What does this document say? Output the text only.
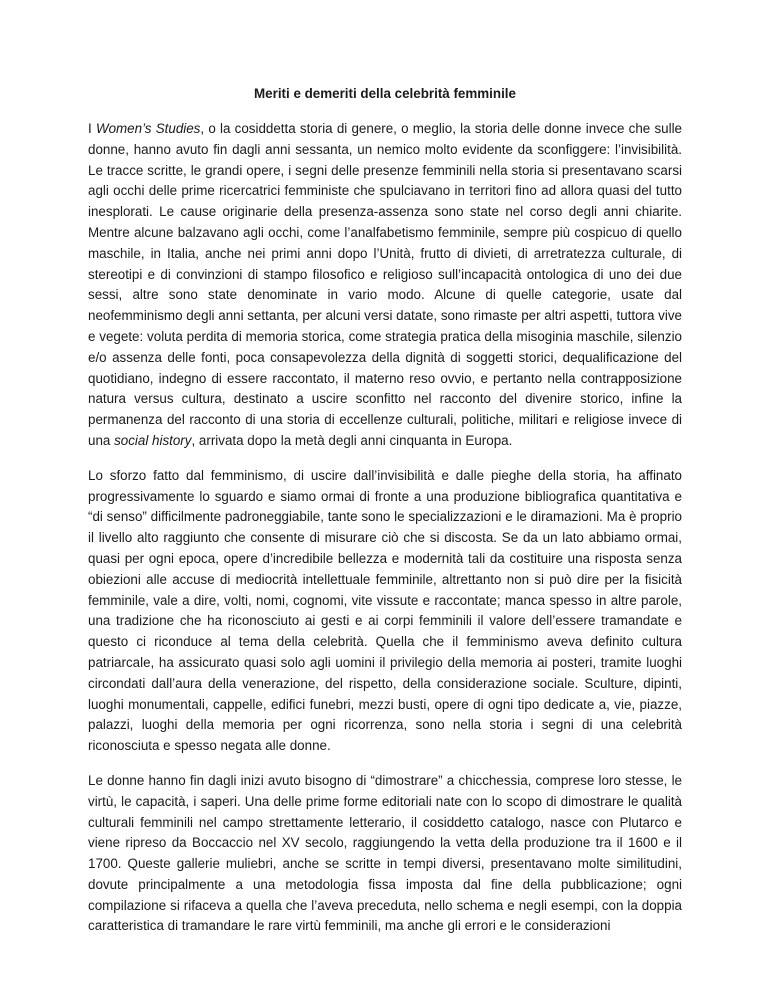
Meriti e demeriti della celebrità femminile

I Women’s Studies, o la cosiddetta storia di genere, o meglio, la storia delle donne invece che sulle donne, hanno avuto fin dagli anni sessanta, un nemico molto evidente da sconfiggere: l’invisibilità. Le tracce scritte, le grandi opere, i segni delle presenze femminili nella storia si presentavano scarsi agli occhi delle prime ricercatrici femministe che spulciavano in territori fino ad allora quasi del tutto inesplorati. Le cause originarie della presenza-assenza sono state nel corso degli anni chiarite. Mentre alcune balzavano agli occhi, come l’analfabetismo femminile, sempre più cospicuo di quello maschile, in Italia, anche nei primi anni dopo l’Unità, frutto di divieti, di arretratezza culturale, di stereotipi e di convinzioni di stampo filosofico e religioso sull’incapacità ontologica di uno dei due sessi, altre sono state denominate in vario modo. Alcune di quelle categorie, usate dal neofemminismo degli anni settanta, per alcuni versi datate, sono rimaste per altri aspetti, tuttora vive e vegete: voluta perdita di memoria storica, come strategia pratica della misoginia maschile, silenzio e/o assenza delle fonti, poca consapevolezza della dignità di soggetti storici, dequalificazione del quotidiano, indegno di essere raccontato, il materno reso ovvio, e pertanto nella contrapposizione natura versus cultura, destinato a uscire sconfitto nel racconto del divenire storico, infine la permanenza del racconto di una storia di eccellenze culturali, politiche, militari e religiose invece di una social history, arrivata dopo la metà degli anni cinquanta in Europa.

Lo sforzo fatto dal femminismo, di uscire dall’invisibilità e dalle pieghe della storia, ha affinato progressivamente lo sguardo e siamo ormai di fronte a una produzione bibliografica quantitativa e “di senso” difficilmente padroneggiabile, tante sono le specializzazioni e le diramazioni. Ma è proprio il livello alto raggiunto che consente di misurare ciò che si discosta. Se da un lato abbiamo ormai, quasi per ogni epoca, opere d’incredibile bellezza e modernità tali da costituire una risposta senza obiezioni alle accuse di mediocrità intellettuale femminile, altrettanto non si può dire per la fisicità femminile, vale a dire, volti, nomi, cognomi, vite vissute e raccontate; manca spesso in altre parole, una tradizione che ha riconosciuto ai gesti e ai corpi femminili il valore dell’essere tramandate e questo ci riconduce al tema della celebrità. Quella che il femminismo aveva definito cultura patriarcale, ha assicurato quasi solo agli uomini il privilegio della memoria ai posteri, tramite luoghi circondati dall’aura della venerazione, del rispetto, della considerazione sociale. Sculture, dipinti, luoghi monumentali, cappelle, edifici funebri, mezzi busti, opere di ogni tipo dedicate a, vie, piazze, palazzi, luoghi della memoria per ogni ricorrenza, sono nella storia i segni di una celebrità riconosciuta e spesso negata alle donne.

Le donne hanno fin dagli inizi avuto bisogno di “dimostrare” a chicchessia, comprese loro stesse, le virtù, le capacità, i saperi. Una delle prime forme editoriali nate con lo scopo di dimostrare le qualità culturali femminili nel campo strettamente letterario, il cosiddetto catalogo, nasce con Plutarco e viene ripreso da Boccaccio nel XV secolo, raggiungendo la vetta della produzione tra il 1600 e il 1700. Queste gallerie muliebri, anche se scritte in tempi diversi, presentavano molte similitudini, dovute principalmente a una metodologia fissa imposta dal fine della pubblicazione; ogni compilazione si rifaceva a quella che l’aveva preceduta, nello schema e negli esempi, con la doppia caratteristica di tramandare le rare virtù femminili, ma anche gli errori e le considerazioni
